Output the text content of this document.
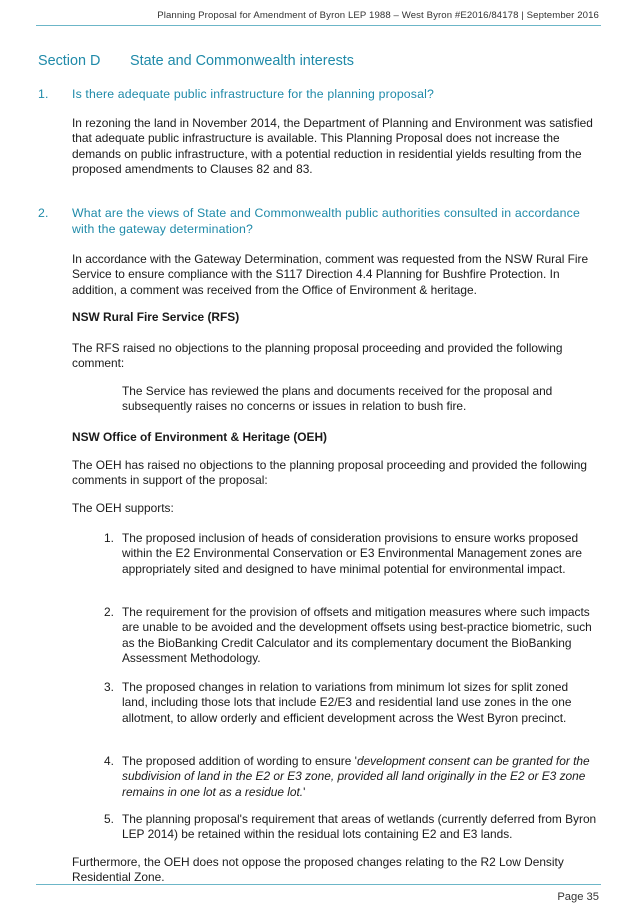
Planning Proposal for Amendment of Byron LEP 1988 – West Byron #E2016/84178 | September 2016
Section D State and Commonwealth interests
1. Is there adequate public infrastructure for the planning proposal?
In rezoning the land in November 2014, the Department of Planning and Environment was satisfied that adequate public infrastructure is available. This Planning Proposal does not increase the demands on public infrastructure, with a potential reduction in residential yields resulting from the proposed amendments to Clauses 82 and 83.
2. What are the views of State and Commonwealth public authorities consulted in accordance with the gateway determination?
In accordance with the Gateway Determination, comment was requested from the NSW Rural Fire Service to ensure compliance with the S117 Direction 4.4 Planning for Bushfire Protection. In addition, a comment was received from the Office of Environment & heritage.
NSW Rural Fire Service (RFS)
The RFS raised no objections to the planning proposal proceeding and provided the following comment:
The Service has reviewed the plans and documents received for the proposal and subsequently raises no concerns or issues in relation to bush fire.
NSW Office of Environment & Heritage (OEH)
The OEH has raised no objections to the planning proposal proceeding and provided the following comments in support of the proposal:
The OEH supports:
1. The proposed inclusion of heads of consideration provisions to ensure works proposed within the E2 Environmental Conservation or E3 Environmental Management zones are appropriately sited and designed to have minimal potential for environmental impact.
2. The requirement for the provision of offsets and mitigation measures where such impacts are unable to be avoided and the development offsets using best-practice biometric, such as the BioBanking Credit Calculator and its complementary document the BioBanking Assessment Methodology.
3. The proposed changes in relation to variations from minimum lot sizes for split zoned land, including those lots that include E2/E3 and residential land use zones in the one allotment, to allow orderly and efficient development across the West Byron precinct.
4. The proposed addition of wording to ensure 'development consent can be granted for the subdivision of land in the E2 or E3 zone, provided all land originally in the E2 or E3 zone remains in one lot as a residue lot.'
5. The planning proposal's requirement that areas of wetlands (currently deferred from Byron LEP 2014) be retained within the residual lots containing E2 and E3 lands.
Furthermore, the OEH does not oppose the proposed changes relating to the R2 Low Density Residential Zone.
Page 35
